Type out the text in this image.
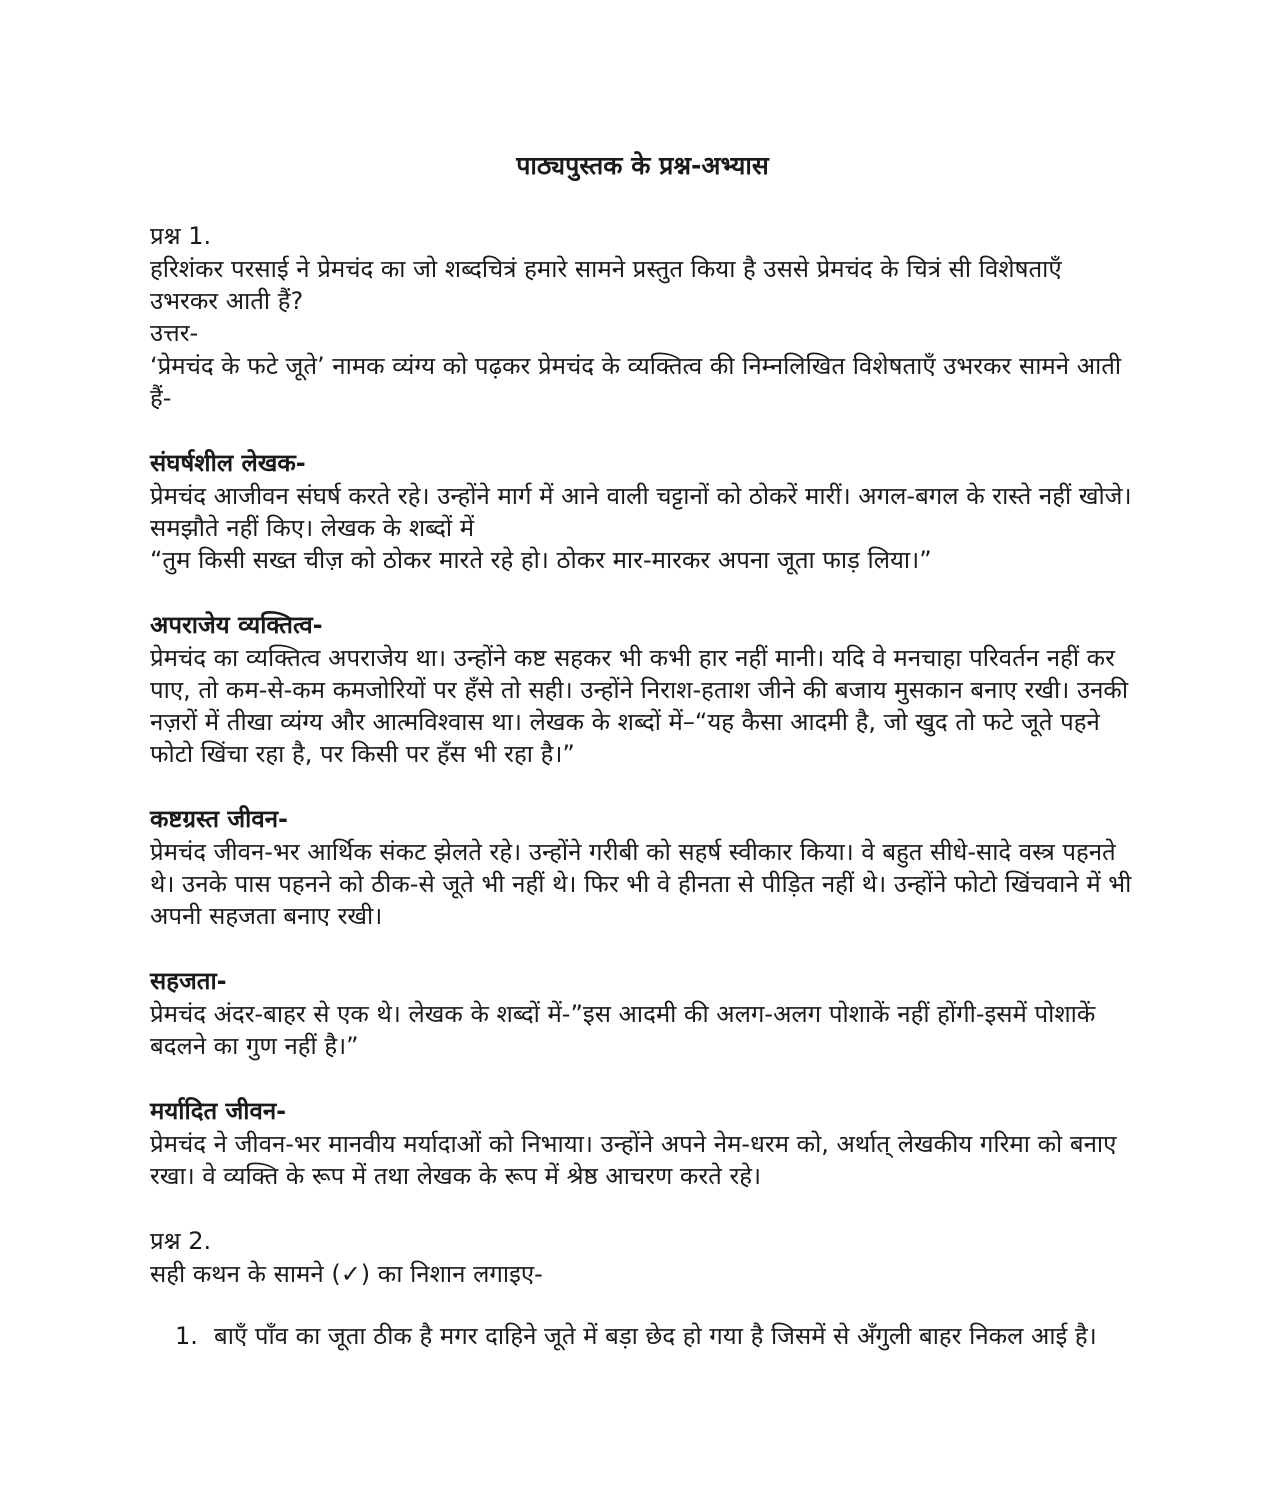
पाठ्यपुस्तक के प्रश्न-अभ्यास

प्रश्न 1.

हरिशंकर परसाई ने प्रेमचंद का जो शब्दचित्रं हमारे सामने प्रस्तुत किया है उससे प्रेमचंद के चित्रं सी विशेषताएँ उभरकर आती हैं?

उत्तर-

‘प्रेमचंद के फटे जूते’ नामक व्यंग्य को पढ़कर प्रेमचंद के व्यक्तित्व की निम्नलिखित विशेषताएँ उभरकर सामने आती हैं-

संघर्षशील लेखक-

प्रेमचंद आजीवन संघर्ष करते रहे। उन्होंने मार्ग में आने वाली चट्टानों को ठोकरें मारीं। अगल-बगल के रास्ते नहीं खोजे। समझौते नहीं किए। लेखक के शब्दों में

“तुम किसी सख्त चीज़ को ठोकर मारते रहे हो। ठोकर मार-मारकर अपना जूता फाड़ लिया।”

अपराजेय व्यक्तित्व-

प्रेमचंद का व्यक्तित्व अपराजेय था। उन्होंने कष्ट सहकर भी कभी हार नहीं मानी। यदि वे मनचाहा परिवर्तन नहीं कर पाए, तो कम-से-कम कमजोरियों पर हँसे तो सही। उन्होंने निराश-हताश जीने की बजाय मुसकान बनाए रखी। उनकी नज़रों में तीखा व्यंग्य और आत्मविश्वास था। लेखक के शब्दों में–“यह कैसा आदमी है, जो खुद तो फटे जूते पहने फोटो खिंचा रहा है, पर किसी पर हँस भी रहा है।”

कष्टग्रस्त जीवन-

प्रेमचंद जीवन-भर आर्थिक संकट झेलते रहे। उन्होंने गरीबी को सहर्ष स्वीकार किया। वे बहुत सीधे-सादे वस्त्र पहनते थे। उनके पास पहनने को ठीक-से जूते भी नहीं थे। फिर भी वे हीनता से पीड़ित नहीं थे। उन्होंने फोटो खिंचवाने में भी अपनी सहजता बनाए रखी।

सहजता-

प्रेमचंद अंदर-बाहर से एक थे। लेखक के शब्दों में-”इस आदमी की अलग-अलग पोशाकें नहीं होंगी-इसमें पोशाकें बदलने का गुण नहीं है।”

मर्यादित जीवन-

प्रेमचंद ने जीवन-भर मानवीय मर्यादाओं को निभाया। उन्होंने अपने नेम-धरम को, अर्थात् लेखकीय गरिमा को बनाए रखा। वे व्यक्ति के रूप में तथा लेखक के रूप में श्रेष्ठ आचरण करते रहे।

प्रश्न 2.

सही कथन के सामने (✓) का निशान लगाइए-

1. बाएँ पाँव का जूता ठीक है मगर दाहिने जूते में बड़ा छेद हो गया है जिसमें से अँगुली बाहर निकल आई है।
